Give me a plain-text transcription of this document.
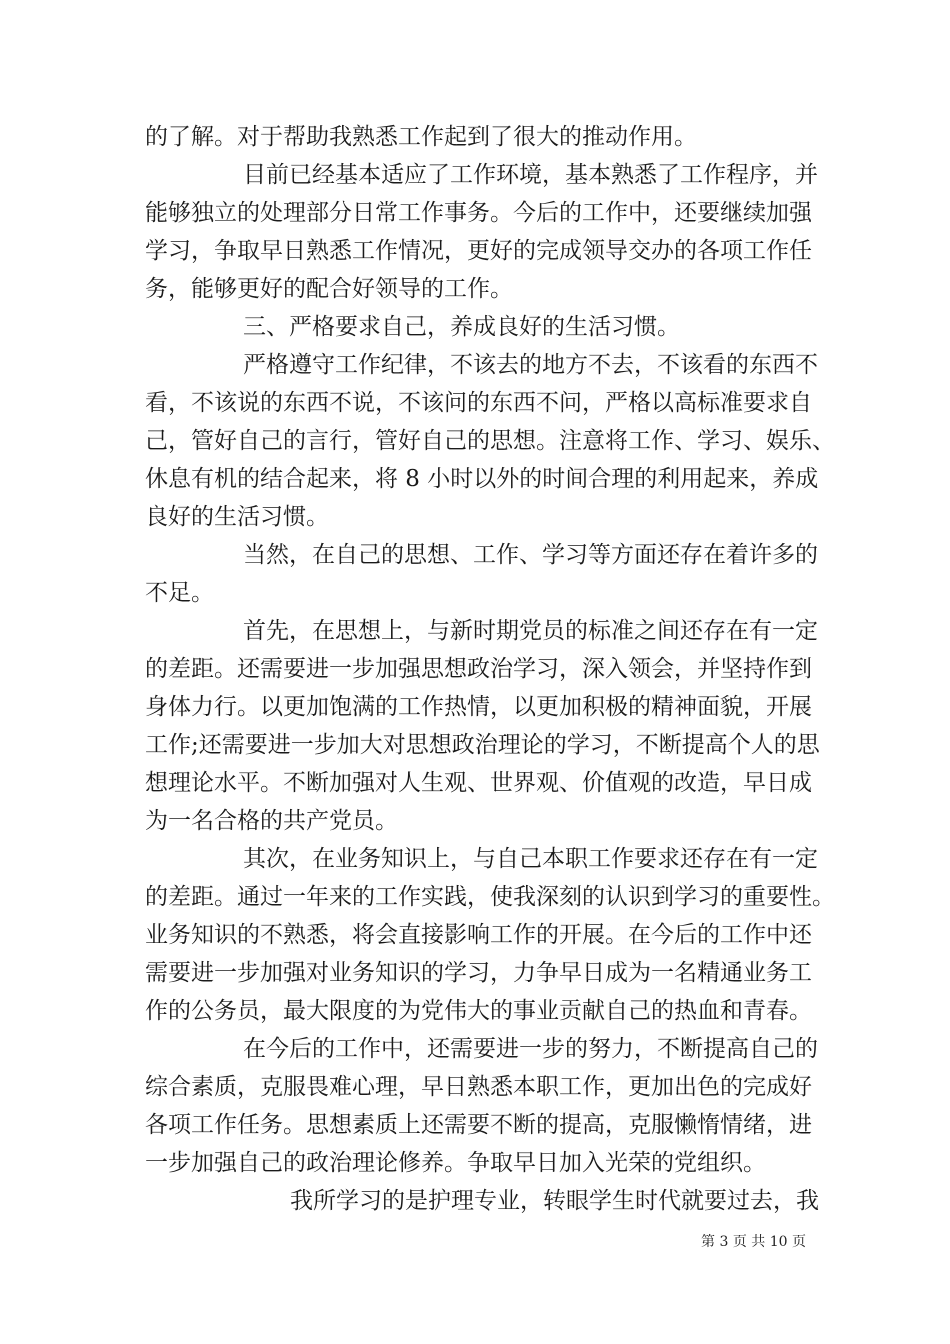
的了解。对于帮助我熟悉工作起到了很大的推动作用。
目前已经基本适应了工作环境，基本熟悉了工作程序，并
能够独立的处理部分日常工作事务。今后的工作中，还要继续加强
学习，争取早日熟悉工作情况，更好的完成领导交办的各项工作任
务，能够更好的配合好领导的工作。
三、严格要求自己，养成良好的生活习惯。
严格遵守工作纪律，不该去的地方不去，不该看的东西不
看，不该说的东西不说，不该问的东西不问，严格以高标准要求自
己，管好自己的言行，管好自己的思想。注意将工作、学习、娱乐、
休息有机的结合起来，将 8 小时以外的时间合理的利用起来，养成
良好的生活习惯。
当然，在自己的思想、工作、学习等方面还存在着许多的
不足。
首先，在思想上，与新时期党员的标准之间还存在有一定
的差距。还需要进一步加强思想政治学习，深入领会，并坚持作到
身体力行。以更加饱满的工作热情，以更加积极的精神面貌，开展
工作;还需要进一步加大对思想政治理论的学习，不断提高个人的思
想理论水平。不断加强对人生观、世界观、价值观的改造，早日成
为一名合格的共产党员。
其次，在业务知识上，与自己本职工作要求还存在有一定
的差距。通过一年来的工作实践，使我深刻的认识到学习的重要性。
业务知识的不熟悉，将会直接影响工作的开展。在今后的工作中还
需要进一步加强对业务知识的学习，力争早日成为一名精通业务工
作的公务员，最大限度的为党伟大的事业贡献自己的热血和青春。
在今后的工作中，还需要进一步的努力，不断提高自己的
综合素质，克服畏难心理，早日熟悉本职工作，更加出色的完成好
各项工作任务。思想素质上还需要不断的提高，克服懒惰情绪，进
一步加强自己的政治理论修养。争取早日加入光荣的党组织。
我所学习的是护理专业，转眼学生时代就要过去，我
第 3 页 共 10 页
